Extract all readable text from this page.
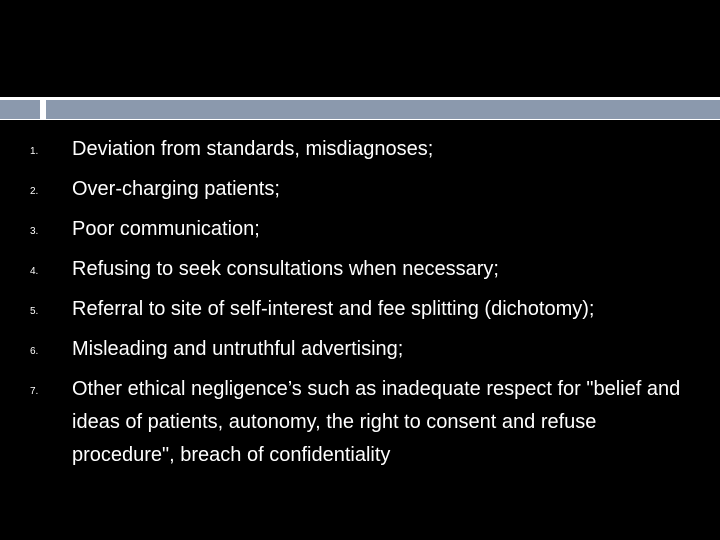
1.	Deviation from standards, misdiagnoses;
2.	Over-charging patients;
3.	Poor communication;
4.	Refusing to seek consultations when necessary;
5.	Referral to site of self-interest and fee splitting (dichotomy);
6.	Misleading and untruthful advertising;
7.	Other ethical negligence’s such as inadequate respect for "belief and ideas of patients, autonomy, the right to consent and refuse procedure", breach of confidentiality
